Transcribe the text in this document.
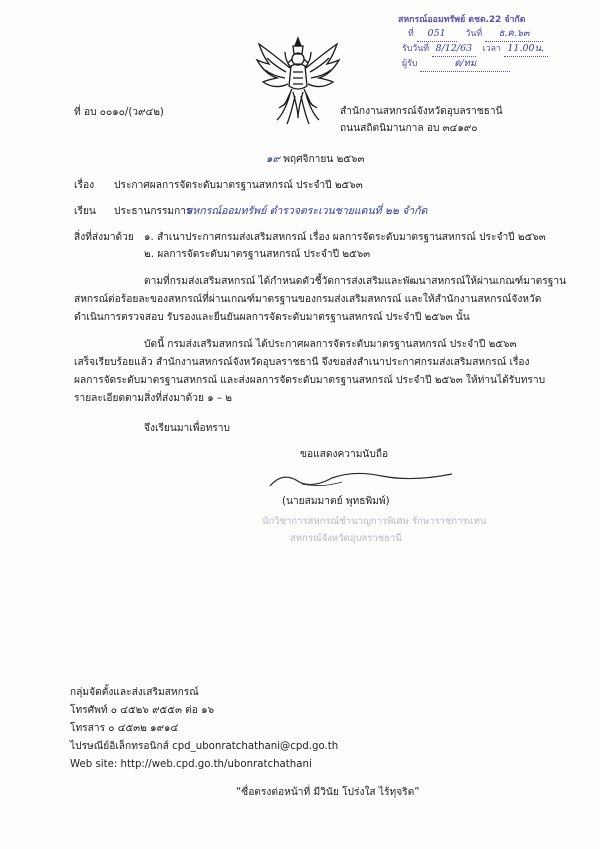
สหกรณ์ออมทรัพย์ ตชด.22 จำกัด
ที่ 051 วันที่ ธ.ค.๖๓
รับวันที่ 8/12/63 เวลา 11.00น.
ผู้รับ	ด/ทม
ที่ อบ ๐๐๑๐/(ว๙๔๒)	สำนักงานสหกรณ์จังหวัดอุบลราชธานี
ถนนสถิตนิมานกาล อบ ๓๔๑๙๐
๑๙ พฤศจิกายน ๒๕๖๓
เรื่อง ประกาศผลการจัดระดับมาตรฐานสหกรณ์ ประจำปี ๒๕๖๓
เรียน ประธานกรรมการ
สหกรณ์ออมทรัพย์ ตำรวจตระเวนชายแดนที่ ๒๒ จำกัด
สิ่งที่ส่งมาด้วย ๑. สำเนาประกาศกรมส่งเสริมสหกรณ์ เรื่อง ผลการจัดระดับมาตรฐานสหกรณ์ ประจำปี ๒๕๖๓
๒. ผลการจัดระดับมาตรฐานสหกรณ์ ประจำปี ๒๕๖๓
ตามที่กรมส่งเสริมสหกรณ์ ได้กำหนดตัวชี้วัดการส่งเสริมและพัฒนาสหกรณ์ให้ผ่านเกณฑ์มาตรฐาน
สหกรณ์ต่อร้อยละของสหกรณ์ที่ผ่านเกณฑ์มาตรฐานของกรมส่งเสริมสหกรณ์ และให้สำนักงานสหกรณ์จังหวัด
ดำเนินการตรวจสอบ รับรองและยืนยันผลการจัดระดับมาตรฐานสหกรณ์ ประจำปี ๒๕๖๓ นั้น
บัดนี้ กรมส่งเสริมสหกรณ์ ได้ประกาศผลการจัดระดับมาตรฐานสหกรณ์ ประจำปี ๒๕๖๓
เสร็จเรียบร้อยแล้ว สำนักงานสหกรณ์จังหวัดอุบลราชธานี จึงขอส่งสำเนาประกาศกรมส่งเสริมสหกรณ์ เรื่อง
ผลการจัดระดับมาตรฐานสหกรณ์ และส่งผลการจัดระดับมาตรฐานสหกรณ์ ประจำปี ๒๕๖๓ ให้ท่านได้รับทราบ
รายละเอียดตามสิ่งที่ส่งมาด้วย ๑ – ๒
จึงเรียนมาเพื่อทราบ
ขอแสดงความนับถือ
(นายสมมาตย์ พุทธพิมพ์)
นักวิชาการสหกรณ์ชำนาญการพิเศษ รักษาราชการแทน
สหกรณ์จังหวัดอุบลราชธานี
กลุ่มจัดตั้งและส่งเสริมสหกรณ์
โทรศัพท์ ๐ ๔๕๒๖ ๙๕๕๓ ต่อ ๑๖
โทรสาร ๐ ๔๕๓๒ ๑๙๑๔
ไปรษณีย์อิเล็กทรอนิกส์ cpd_ubonratchathani@cpd.go.th
Web site: http://web.cpd.go.th/ubonratchathani
“ซื่อตรงต่อหน้าที่ มีวินัย โปร่งใส ไร้ทุจริต”
